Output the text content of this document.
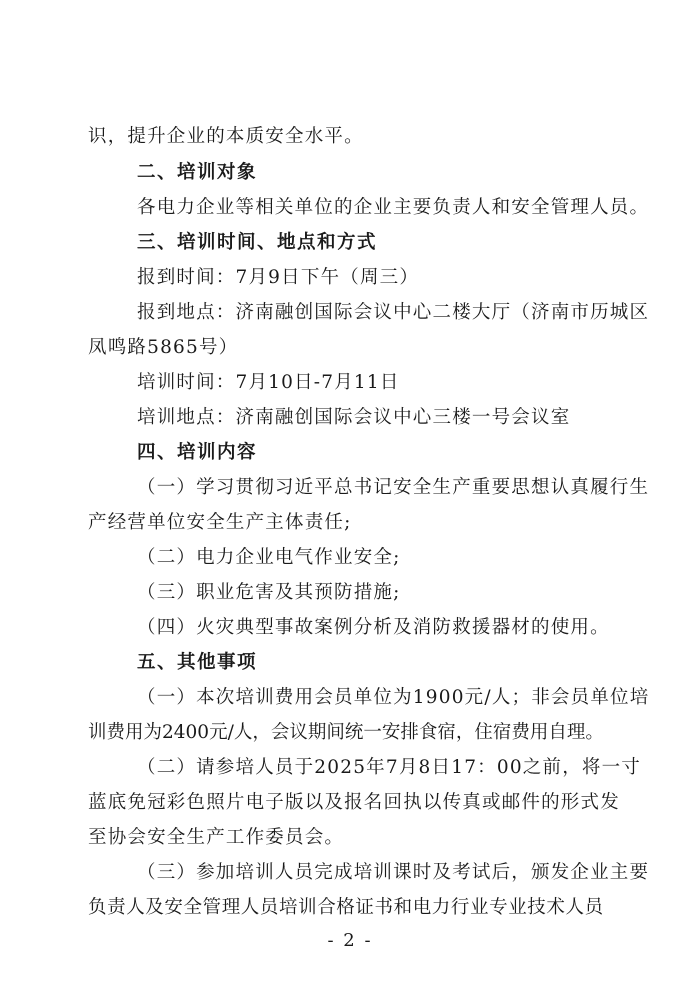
识，提升企业的本质安全水平。
二、培训对象
各电力企业等相关单位的企业主要负责人和安全管理人员。
三、培训时间、地点和方式
报到时间：7月9日下午（周三）
报到地点：济南融创国际会议中心二楼大厅（济南市历城区
凤鸣路5865号）
培训时间：7月10日-7月11日
培训地点：济南融创国际会议中心三楼一号会议室
四、培训内容
（一）学习贯彻习近平总书记安全生产重要思想认真履行生
产经营单位安全生产主体责任;
（二）电力企业电气作业安全;
（三）职业危害及其预防措施;
（四）火灾典型事故案例分析及消防救援器材的使用。
五、其他事项
（一）本次培训费用会员单位为1900元/人；非会员单位培
训费用为2400元/人，会议期间统一安排食宿，住宿费用自理。
（二）请参培人员于2025年7月8日17：00之前，将一寸
蓝底免冠彩色照片电子版以及报名回执以传真或邮件的形式发
至协会安全生产工作委员会。
（三）参加培训人员完成培训课时及考试后，颁发企业主要
负责人及安全管理人员培训合格证书和电力行业专业技术人员
- 2 -
